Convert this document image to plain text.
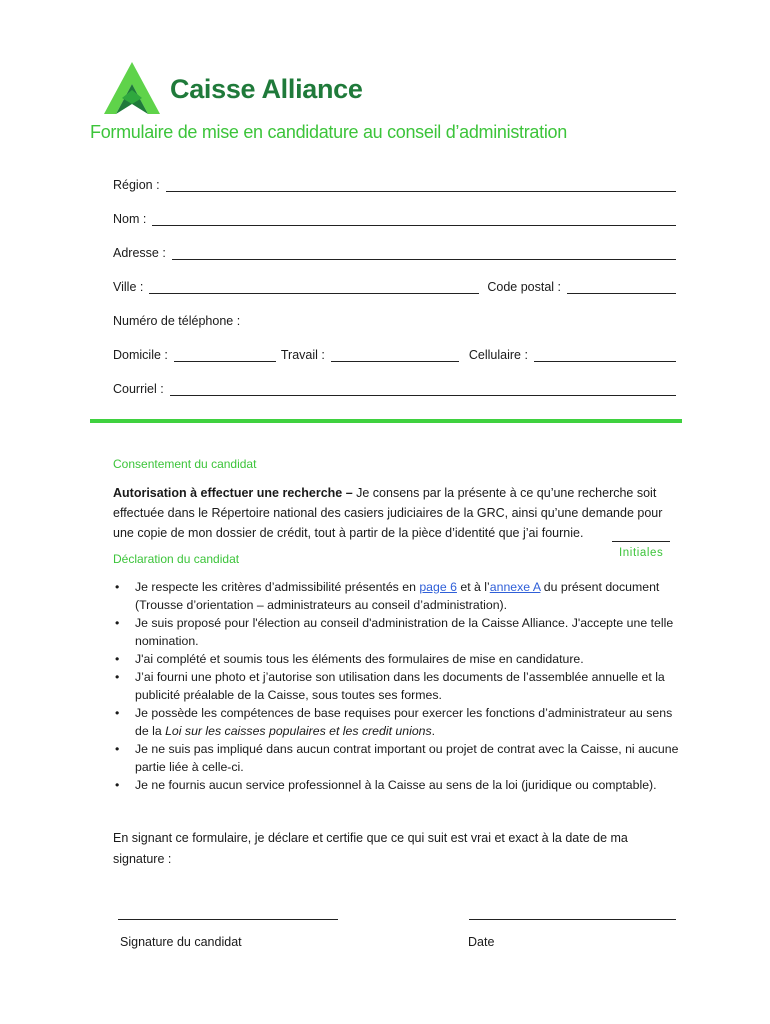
Caisse Alliance
Formulaire de mise en candidature au conseil d’administration
Région :
Nom :
Adresse :
Ville :	Code postal :
Numéro de téléphone :
Domicile :	Travail :	Cellulaire :
Courriel :
Consentement du candidat
Autorisation à effectuer une recherche – Je consens par la présente à ce qu’une recherche soit effectuée dans le Répertoire national des casiers judiciaires de la GRC, ainsi qu’une demande pour une copie de mon dossier de crédit, tout à partir de la pièce d’identité que j’ai fournie.
Initiales
Déclaration du candidat
• Je respecte les critères d’admissibilité présentés en page 6 et à l’annexe A du présent document (Trousse d’orientation – administrateurs au conseil d’administration).
• Je suis proposé pour l'élection au conseil d'administration de la Caisse Alliance. J'accepte une telle nomination.
• J'ai complété et soumis tous les éléments des formulaires de mise en candidature.
• J’ai fourni une photo et j’autorise son utilisation dans les documents de l’assemblée annuelle et la publicité préalable de la Caisse, sous toutes ses formes.
• Je possède les compétences de base requises pour exercer les fonctions d’administrateur au sens de la Loi sur les caisses populaires et les credit unions.
• Je ne suis pas impliqué dans aucun contrat important ou projet de contrat avec la Caisse, ni aucune partie liée à celle-ci.
• Je ne fournis aucun service professionnel à la Caisse au sens de la loi (juridique ou comptable).
En signant ce formulaire, je déclare et certifie que ce qui suit est vrai et exact à la date de ma signature :
Signature du candidat	Date
